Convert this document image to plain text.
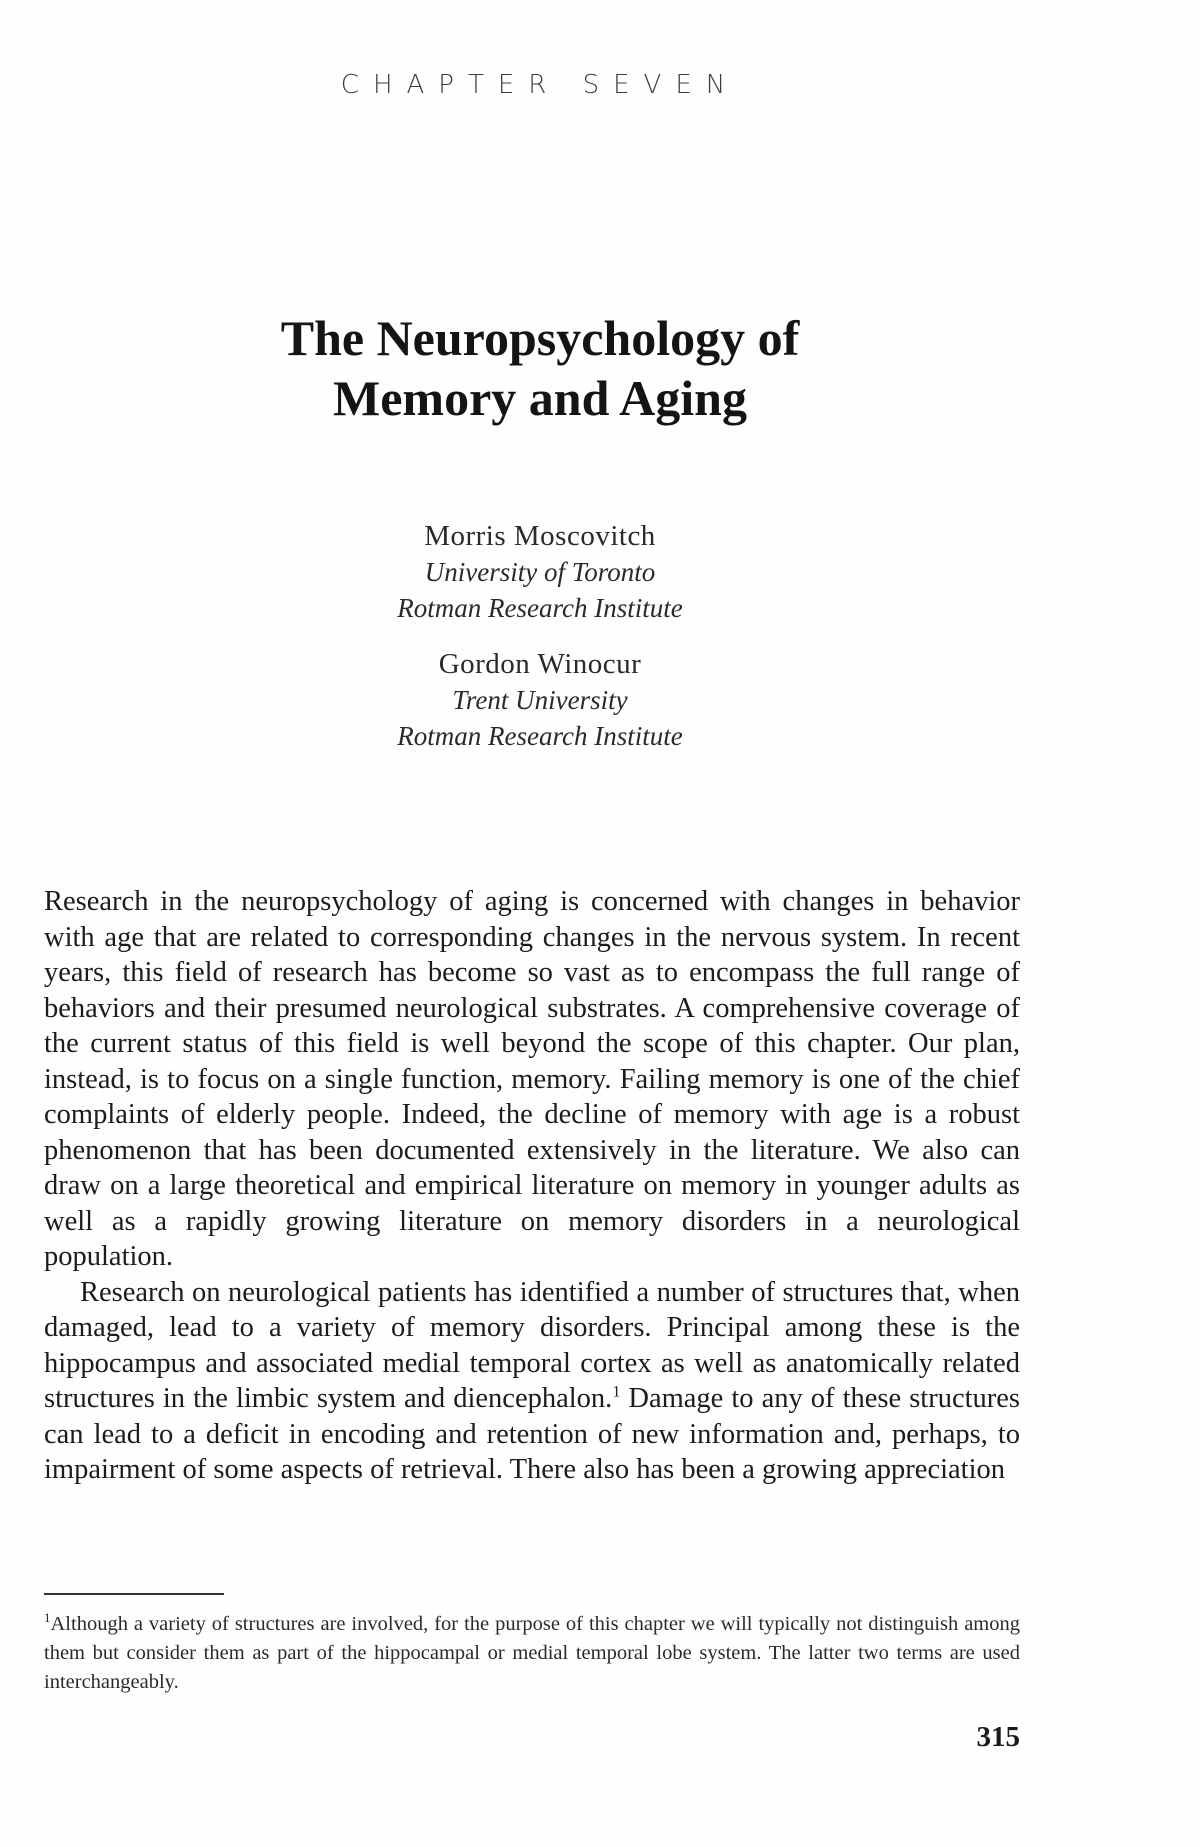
CHAPTER SEVEN
The Neuropsychology of
Memory and Aging
Morris Moscovitch
University of Toronto
Rotman Research Institute
Gordon Winocur
Trent University
Rotman Research Institute

Research in the neuropsychology of aging is concerned with changes in behavior with age that are related to corresponding changes in the nervous system. In recent years, this field of research has become so vast as to encompass the full range of behaviors and their presumed neurological substrates. A comprehensive coverage of the current status of this field is well beyond the scope of this chapter. Our plan, instead, is to focus on a single function, memory. Failing memory is one of the chief complaints of elderly people. Indeed, the decline of memory with age is a robust phenomenon that has been documented extensively in the literature. We also can draw on a large theoretical and empirical literature on memory in younger adults as well as a rapidly growing literature on memory disorders in a neurological population.

Research on neurological patients has identified a number of structures that, when damaged, lead to a variety of memory disorders. Principal among these is the hippocampus and associated medial temporal cortex as well as anatomically related structures in the limbic system and diencephalon.$^1$ Damage to any of these structures can lead to a deficit in encoding and retention of new information and, perhaps, to impairment of some aspects of retrieval. There also has been a growing appreciation

$^1$Although a variety of structures are involved, for the purpose of this chapter we will typically not distinguish among them but consider them as part of the hippocampal or medial temporal lobe system. The latter two terms are used interchangeably.

315
